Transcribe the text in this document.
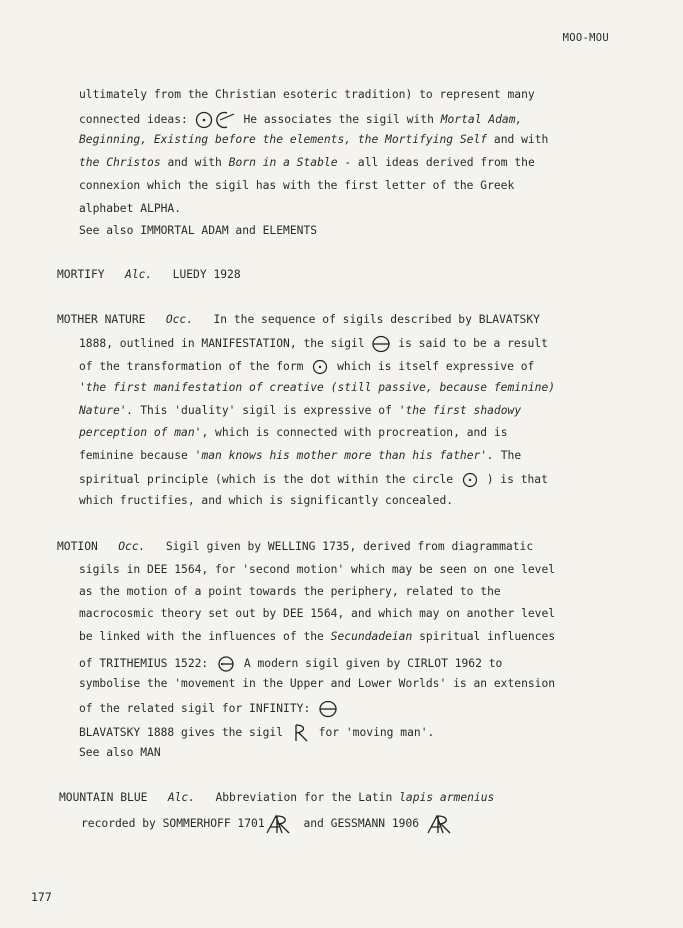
MOO-MOU
ultimately from the Christian esoteric tradition) to represent many
connected ideas:	He associates the sigil with Mortal Adam,
Beginning, Existing before the elements, the Mortifying Self and with
the Christos and with Born in a Stable - all ideas derived from the
connexion which the sigil has with the first letter of the Greek
alphabet ALPHA.
See also IMMORTAL ADAM and ELEMENTS
MORTIFY Alc. LUEDY 1928
MOTHER NATURE Occ. In the sequence of sigils described by BLAVATSKY
1888, outlined in MANIFESTATION, the sigil	is said to be a result
of the transformation of the form	which is itself expressive of
'the first manifestation of creative (still passive, because feminine)
Nature'. This 'duality' sigil is expressive of 'the first shadowy
perception of man', which is connected with procreation, and is
feminine because 'man knows his mother more than his father'. The
spiritual principle (which is the dot within the circle	) is that
which fructifies, and which is significantly concealed.
MOTION Occ. Sigil given by WELLING 1735, derived from diagrammatic
sigils in DEE 1564, for 'second motion' which may be seen on one level
as the motion of a point towards the periphery, related to the
macrocosmic theory set out by DEE 1564, and which may on another level
be linked with the influences of the Secundadeian spiritual influences
of TRITHEMIUS 1522:	A modern sigil given by CIRLOT 1962 to
symbolise the 'movement in the Upper and Lower Worlds' is an extension
of the related sigil for INFINITY:
BLAVATSKY 1888 gives the sigil	for 'moving man'.
See also MAN
MOUNTAIN BLUE Alc. Abbreviation for the Latin lapis armenius
recorded by SOMMERHOFF 1701	and GESSMANN 1906
177
